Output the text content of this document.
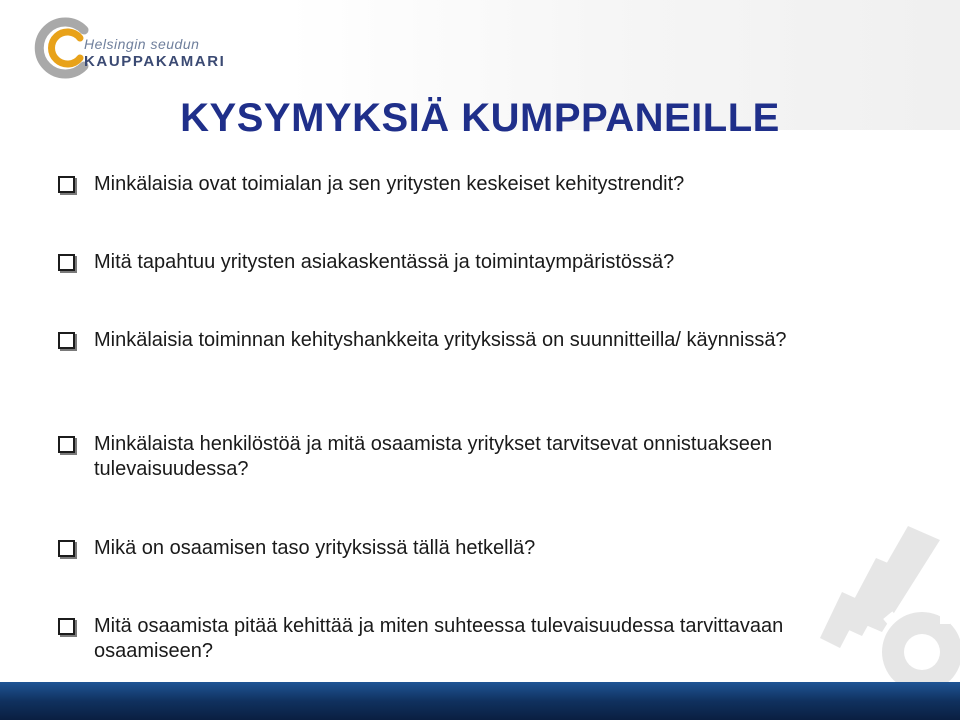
Helsingin seudun
KAUPPAKAMARI
KYSYMYKSIÄ KUMPPANEILLE
Minkälaisia ovat toimialan ja sen yritysten keskeiset kehitystrendit?
Mitä tapahtuu yritysten asiakaskentässä ja toimintaympäristössä?
Minkälaisia toiminnan kehityshankkeita yrityksissä on suunnitteilla/ käynnissä?
Minkälaista henkilöstöä ja mitä osaamista yritykset tarvitsevat onnistuakseen tulevaisuudessa?
Mikä on osaamisen taso yrityksissä tällä hetkellä?
Mitä osaamista pitää kehittää ja miten suhteessa tulevaisuudessa tarvittavaan osaamiseen?
